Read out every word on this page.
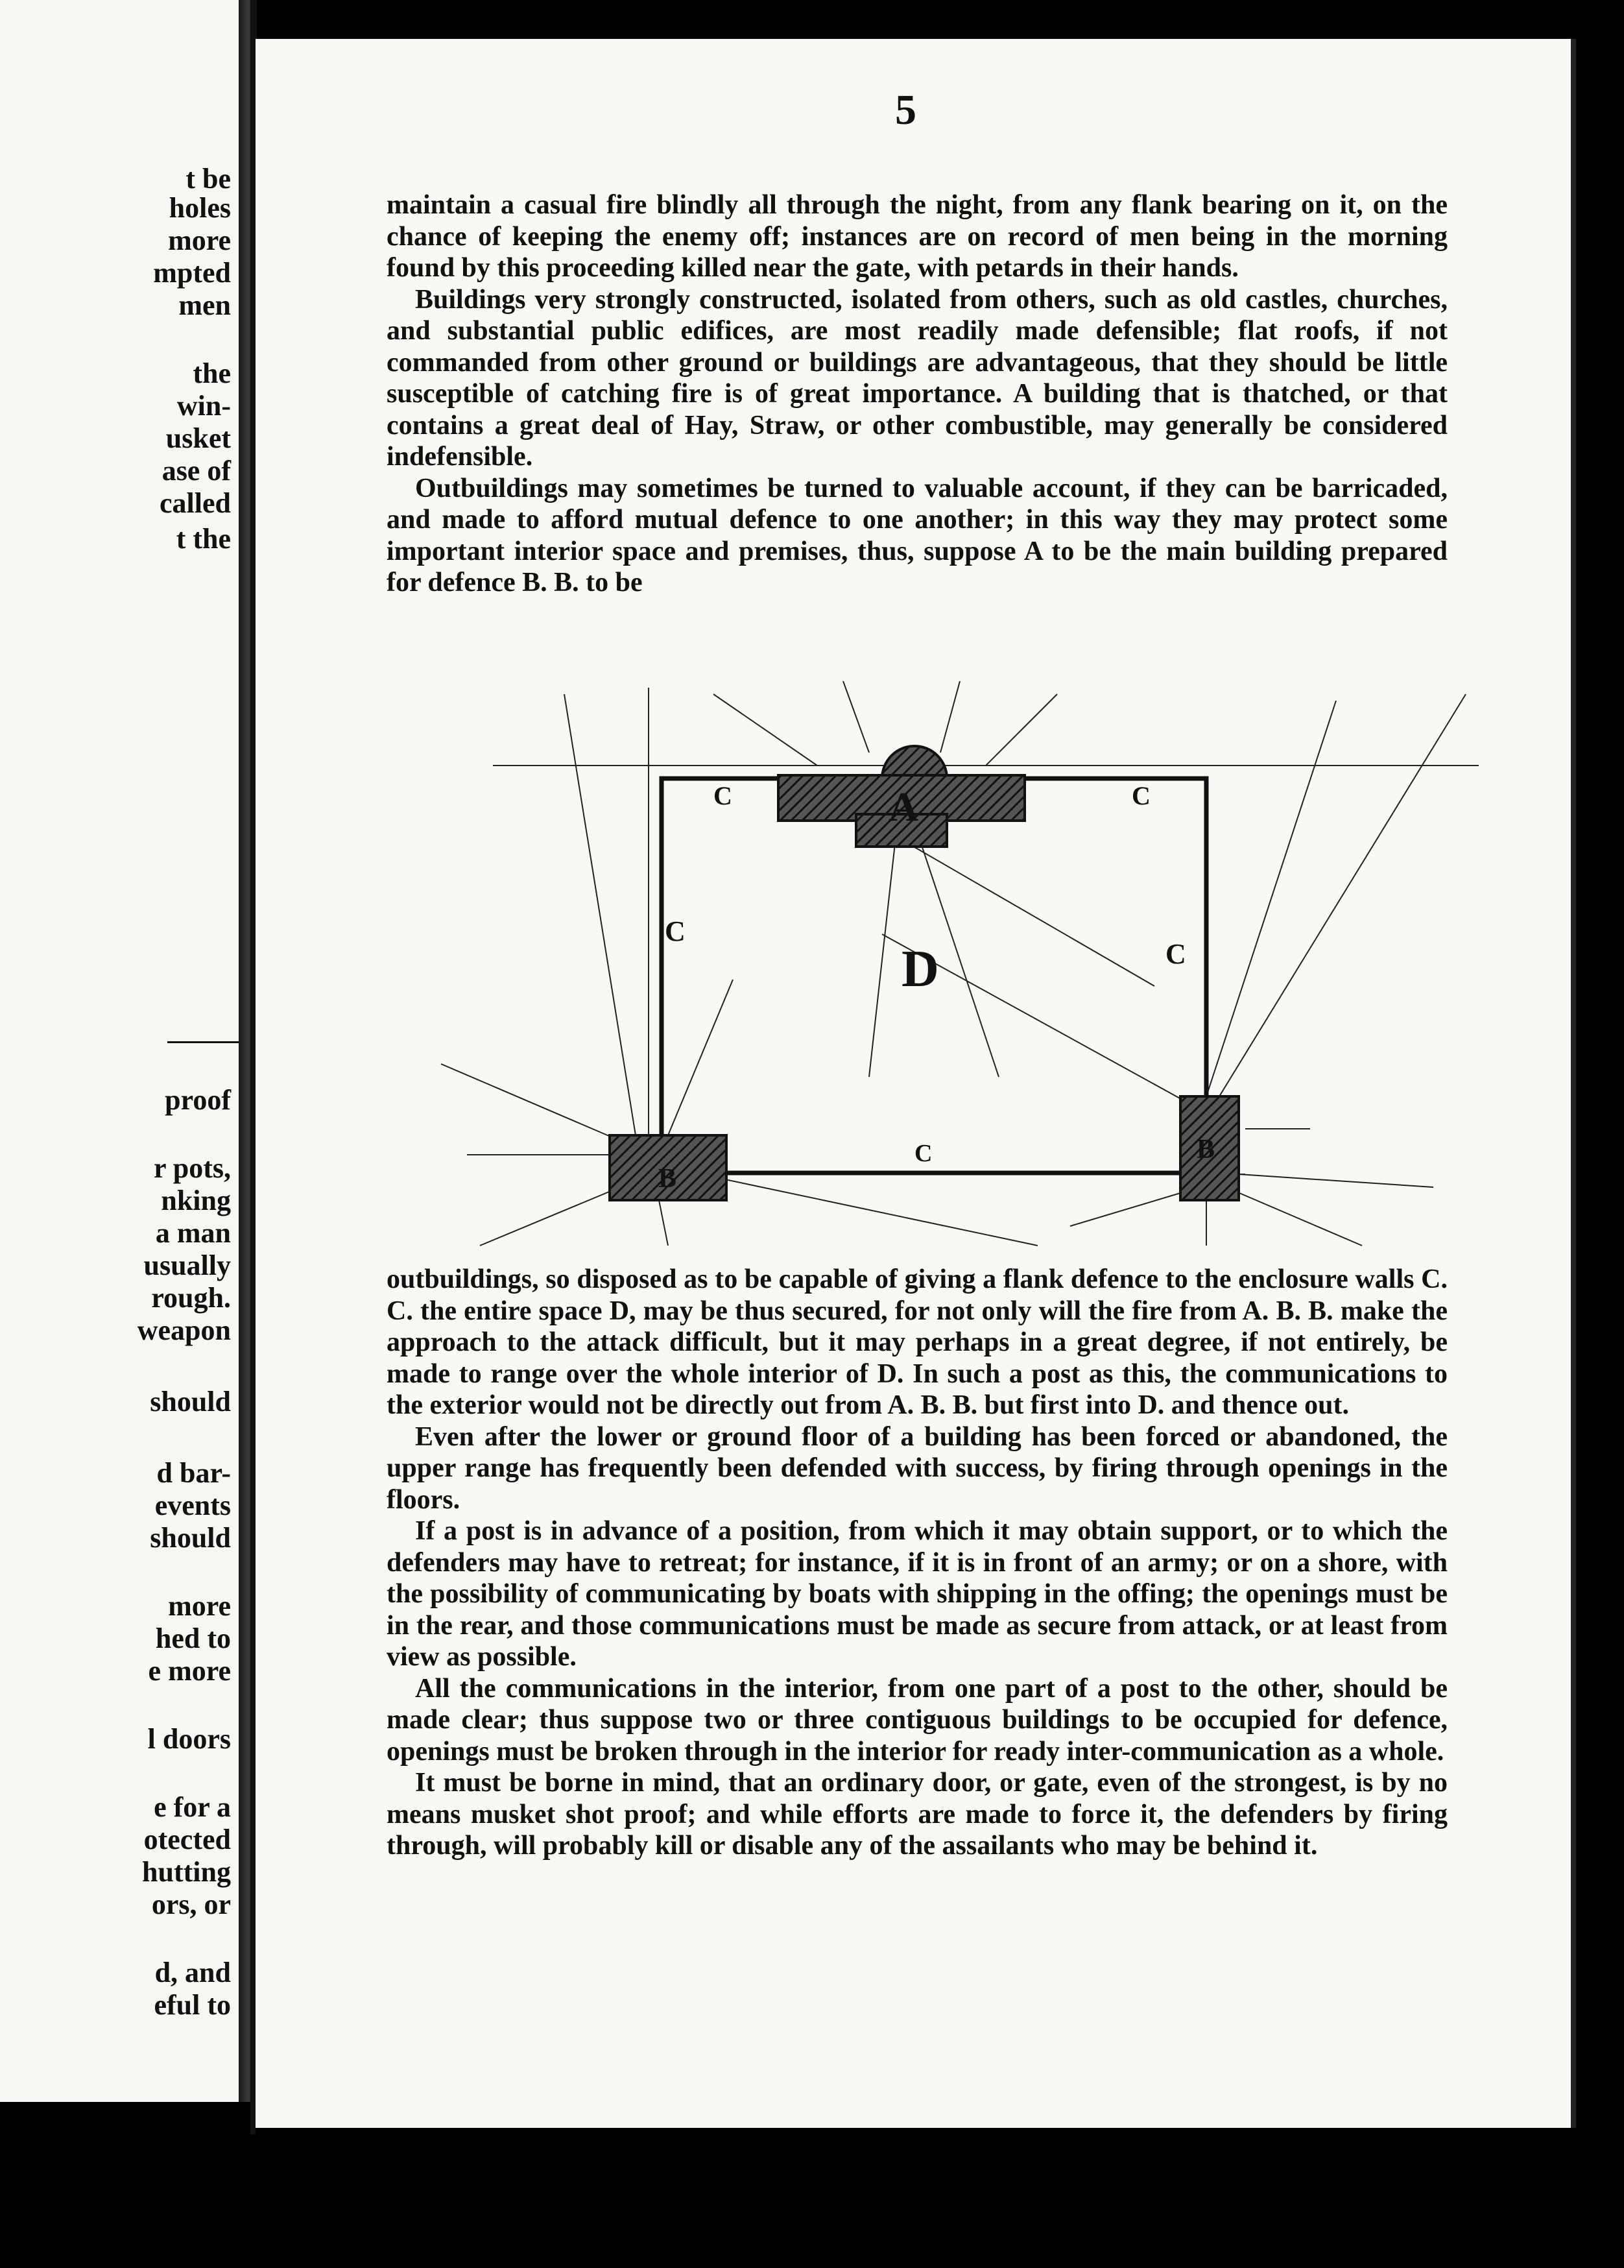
t be
holes
more
mpted
men
the
win-
usket
ase of
called
t the
proof
r pots,
nking
a man
usually
rough.
weapon
should
d bar-
events
should
more
hed to
e more
l doors
e for a
otected
hutting
ors, or
d, and
eful to
5

maintain a casual fire blindly all through the night, from any flank bearing on it, on the chance of keeping the enemy off; instances are on record of men being in the morning found by this proceeding killed near the gate, with petards in their hands.

Buildings very strongly constructed, isolated from others, such as old castles, churches, and substantial public edifices, are most readily made defensible; flat roofs, if not commanded from other ground or buildings are advantageous, that they should be little susceptible of catching fire is of great importance. A building that is thatched, or that contains a great deal of Hay, Straw, or other combustible, may generally be considered indefensible.

Outbuildings may sometimes be turned to valuable account, if they can be barricaded, and made to afford mutual defence to one another; in this way they may protect some important interior space and premises, thus, suppose A to be the main building prepared for defence B. B. to be

A
B
B
C	C
C
C
C
D

outbuildings, so disposed as to be capable of giving a flank defence to the enclosure walls C. C. the entire space D, may be thus secured, for not only will the fire from A. B. B. make the approach to the attack difficult, but it may perhaps in a great degree, if not entirely, be made to range over the whole interior of D. In such a post as this, the communications to the exterior would not be directly out from A. B. B. but first into D. and thence out.

Even after the lower or ground floor of a building has been forced or abandoned, the upper range has frequently been defended with success, by firing through openings in the floors.

If a post is in advance of a position, from which it may obtain support, or to which the defenders may have to retreat; for instance, if it is in front of an army; or on a shore, with the possibility of communicating by boats with shipping in the offing; the openings must be in the rear, and those communications must be made as secure from attack, or at least from view as possible.

All the communications in the interior, from one part of a post to the other, should be made clear; thus suppose two or three contiguous buildings to be occupied for defence, openings must be broken through in the interior for ready inter-communication as a whole.

It must be borne in mind, that an ordinary door, or gate, even of the strongest, is by no means musket shot proof; and while efforts are made to force it, the defenders by firing through, will probably kill or disable any of the assailants who may be behind it.
